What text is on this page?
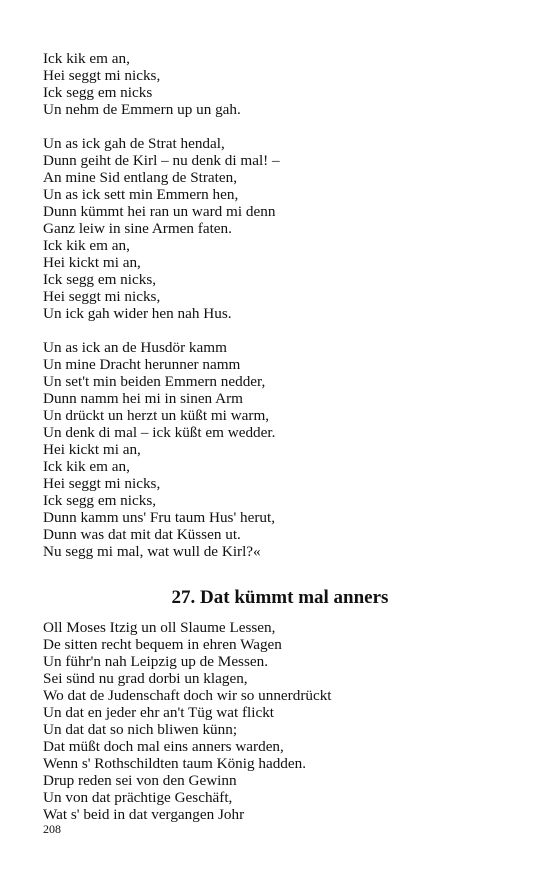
Ick kik em an,
Hei seggt mi nicks,
Ick segg em nicks
Un nehm de Emmern up un gah.
Un as ick gah de Strat hendal,
Dunn geiht de Kirl – nu denk di mal! –
An mine Sid entlang de Straten,
Un as ick sett min Emmern hen,
Dunn kümmt hei ran un ward mi denn
Ganz leiw in sine Armen faten.
Ick kik em an,
Hei kickt mi an,
Ick segg em nicks,
Hei seggt mi nicks,
Un ick gah wider hen nah Hus.
Un as ick an de Husdör kamm
Un mine Dracht herunner namm
Un set't min beiden Emmern nedder,
Dunn namm hei mi in sinen Arm
Un drückt un herzt un küßt mi warm,
Un denk di mal – ick küßt em wedder.
Hei kickt mi an,
Ick kik em an,
Hei seggt mi nicks,
Ick segg em nicks,
Dunn kamm uns' Fru taum Hus' herut,
Dunn was dat mit dat Küssen ut.
Nu segg mi mal, wat wull de Kirl?«
27. Dat kümmt mal anners
Oll Moses Itzig un oll Slaume Lessen,
De sitten recht bequem in ehren Wagen
Un führ'n nah Leipzig up de Messen.
Sei sünd nu grad dorbi un klagen,
Wo dat de Judenschaft doch wir so unnerdrückt
Un dat en jeder ehr an't Tüg wat flickt
Un dat dat so nich bliwen künn;
Dat müßt doch mal eins anners warden,
Wenn s' Rothschildten taum König hadden.
Drup reden sei von den Gewinn
Un von dat prächtige Geschäft,
Wat s' beid in dat vergangen Johr
208
